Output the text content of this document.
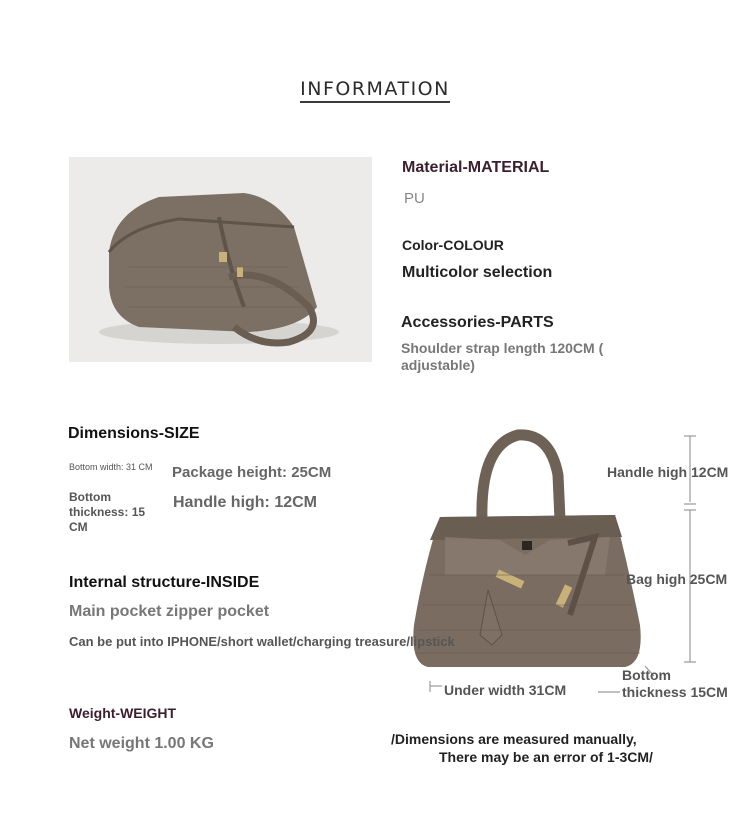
INFORMATION
Material-MATERIAL
PU
Color-COLOUR
Multicolor selection
Accessories-PARTS
Shoulder strap length 120CM ( adjustable)
Dimensions-SIZE
Bottom width: 31 CM
Bottom thickness: 15 CM
Package height: 25CM
Handle high: 12CM
Internal structure-INSIDE
Main pocket zipper pocket
Handle high 12CM
Bag high 25CM
Under width 31CM
Bottom thickness 15CM
Can be put into IPHONE/short wallet/charging treasure/lipstick
Weight-WEIGHT
Net weight 1.00 KG	/Dimensions are measured manually,
There may be an error of 1-3CM/
